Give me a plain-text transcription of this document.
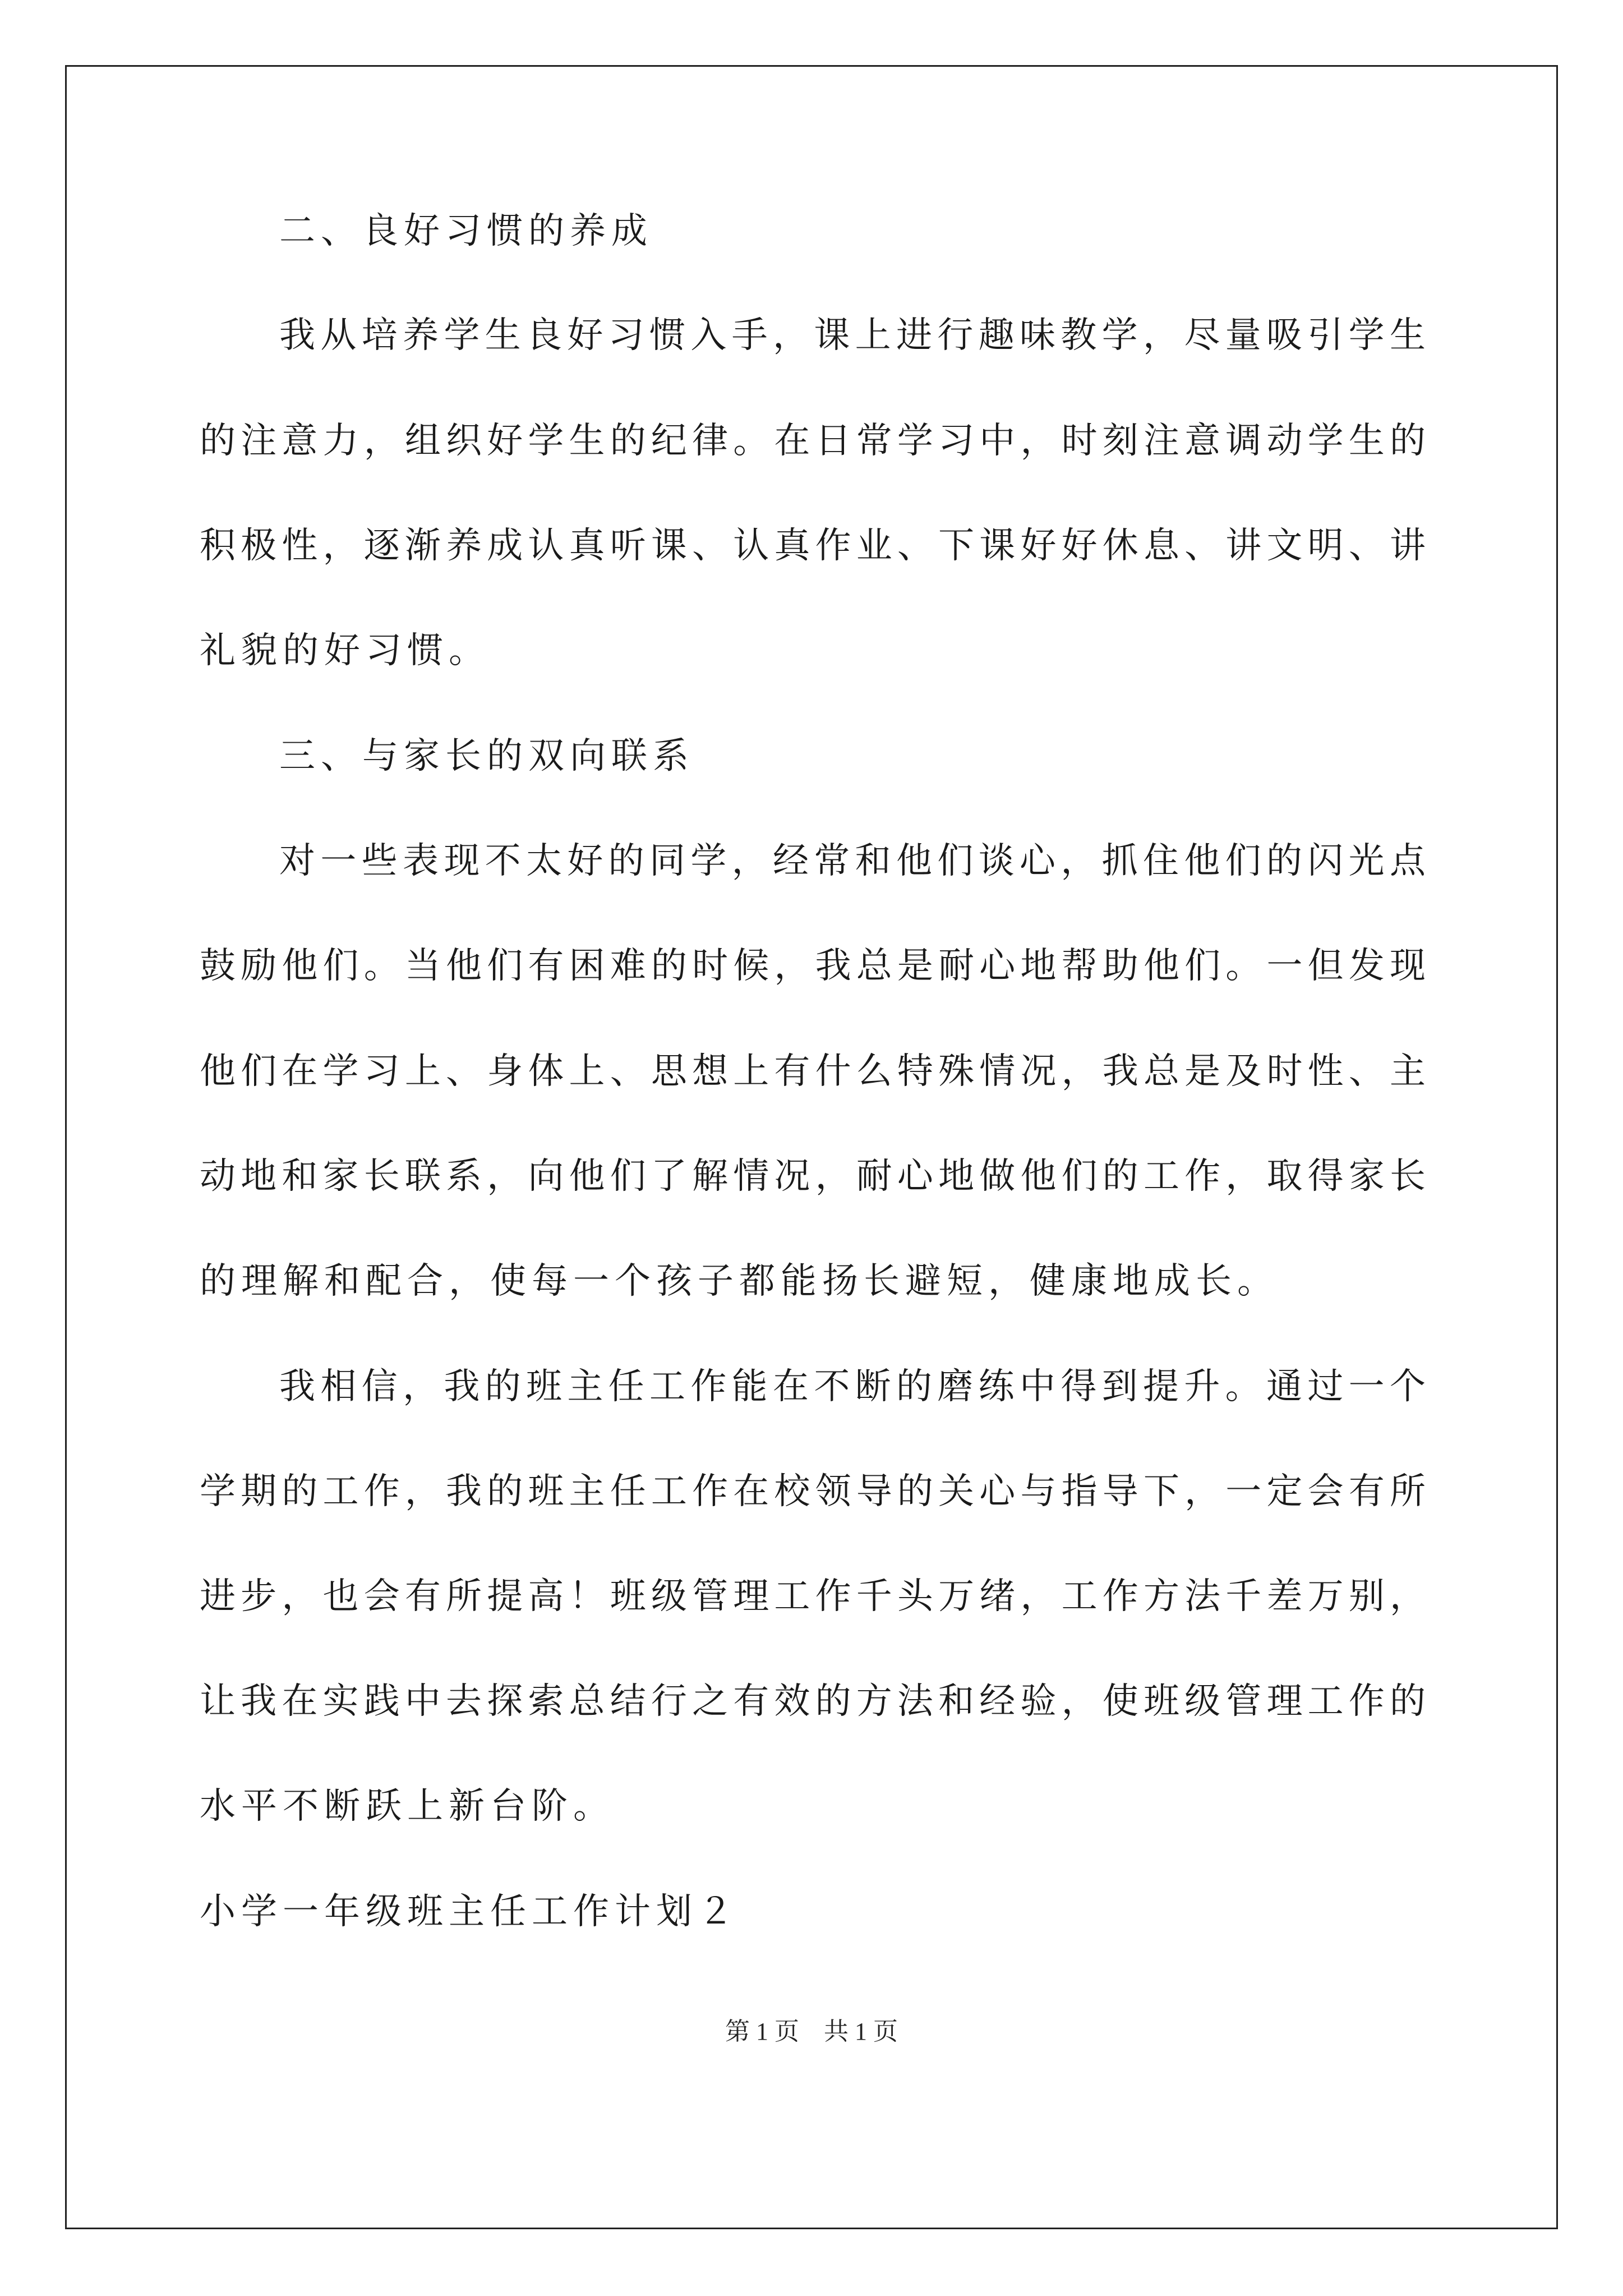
二、良好习惯的养成
我从培养学生良好习惯入手，课上进行趣味教学，尽量吸引学生
的注意力，组织好学生的纪律。在日常学习中，时刻注意调动学生的
积极性，逐渐养成认真听课、认真作业、下课好好休息、讲文明、讲
礼貌的好习惯。
三、与家长的双向联系
对一些表现不太好的同学，经常和他们谈心，抓住他们的闪光点
鼓励他们。当他们有困难的时候，我总是耐心地帮助他们。一但发现
他们在学习上、身体上、思想上有什么特殊情况，我总是及时性、主
动地和家长联系，向他们了解情况，耐心地做他们的工作，取得家长
的理解和配合，使每一个孩子都能扬长避短，健康地成长。
我相信，我的班主任工作能在不断的磨练中得到提升。通过一个
学期的工作，我的班主任工作在校领导的关心与指导下，一定会有所
进步，也会有所提高！班级管理工作千头万绪，工作方法千差万别，
让我在实践中去探索总结行之有效的方法和经验，使班级管理工作的
水平不断跃上新台阶。
小学一年级班主任工作计划２
第 1 页　共 1 页
